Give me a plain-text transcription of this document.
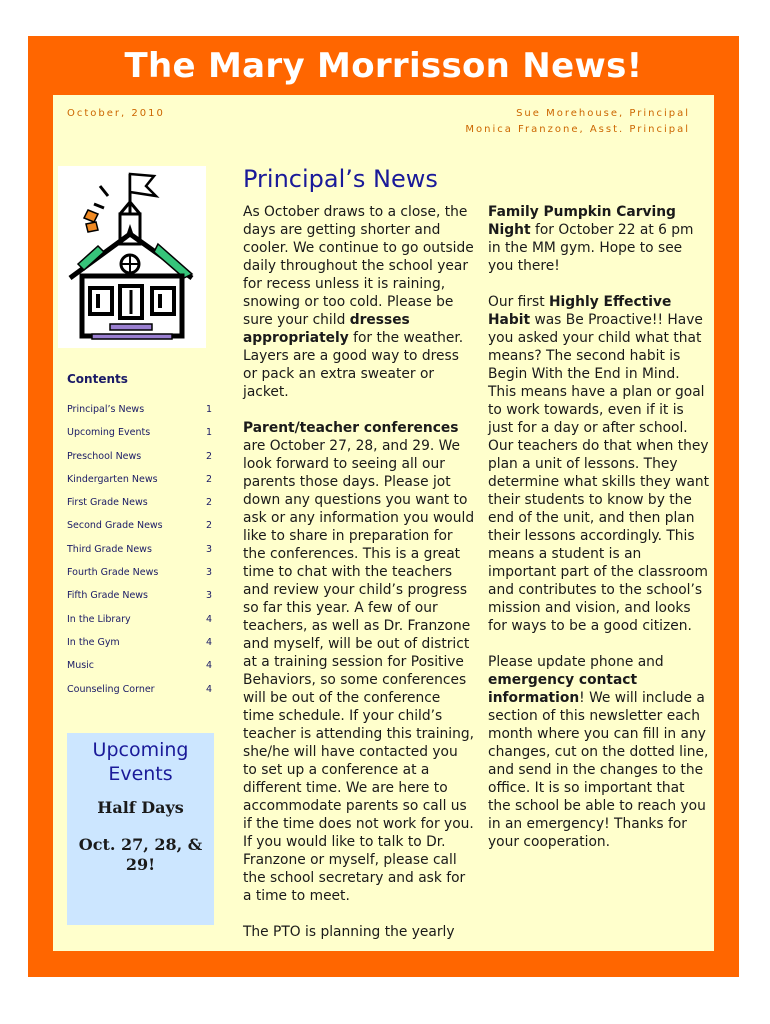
The Mary Morrisson News!
October, 2010	Sue Morehouse, Principal
Monica Franzone, Asst. Principal
Contents
Principal’s News	1
Upcoming Events	1
Preschool News	2
Kindergarten News	2
First Grade News	2
Second Grade News	2
Third Grade News	3
Fourth Grade News	3
Fifth Grade News	3
In the Library	4
In the Gym	4
Music	4
Counseling Corner	4
Upcoming
Events
Half Days
Oct. 27, 28, &
29!
Principal’s News

As October draws to a close, the days are getting shorter and cooler. We continue to go outside daily throughout the school year for recess unless it is raining, snowing or too cold. Please be sure your child dresses appropriately for the weather. Layers are a good way to dress or pack an extra sweater or jacket.

Parent/teacher conferences are October 27, 28, and 29. We look forward to seeing all our parents those days. Please jot down any questions you want to ask or any information you would like to share in preparation for the conferences. This is a great time to chat with the teachers and review your child’s progress so far this year. A few of our teachers, as well as Dr. Franzone and myself, will be out of district at a training session for Positive Behaviors, so some conferences will be out of the conference time schedule. If your child’s teacher is attending this training, she/he will have contacted you to set up a conference at a different time. We are here to accommodate parents so call us if the time does not work for you. If you would like to talk to Dr. Franzone or myself, please call the school secretary and ask for a time to meet.

The PTO is planning the yearly

Family Pumpkin Carving Night for October 22 at 6 pm in the MM gym. Hope to see you there!

Our first Highly Effective Habit was Be Proactive!! Have you asked your child what that means? The second habit is Begin With the End in Mind. This means have a plan or goal to work towards, even if it is just for a day or after school. Our teachers do that when they plan a unit of lessons. They determine what skills they want their students to know by the end of the unit, and then plan their lessons accordingly. This means a student is an important part of the classroom and contributes to the school’s mission and vision, and looks for ways to be a good citizen.

Please update phone and emergency contact information! We will include a section of this newsletter each month where you can fill in any changes, cut on the dotted line, and send in the changes to the office. It is so important that the school be able to reach you in an emergency! Thanks for your cooperation.
